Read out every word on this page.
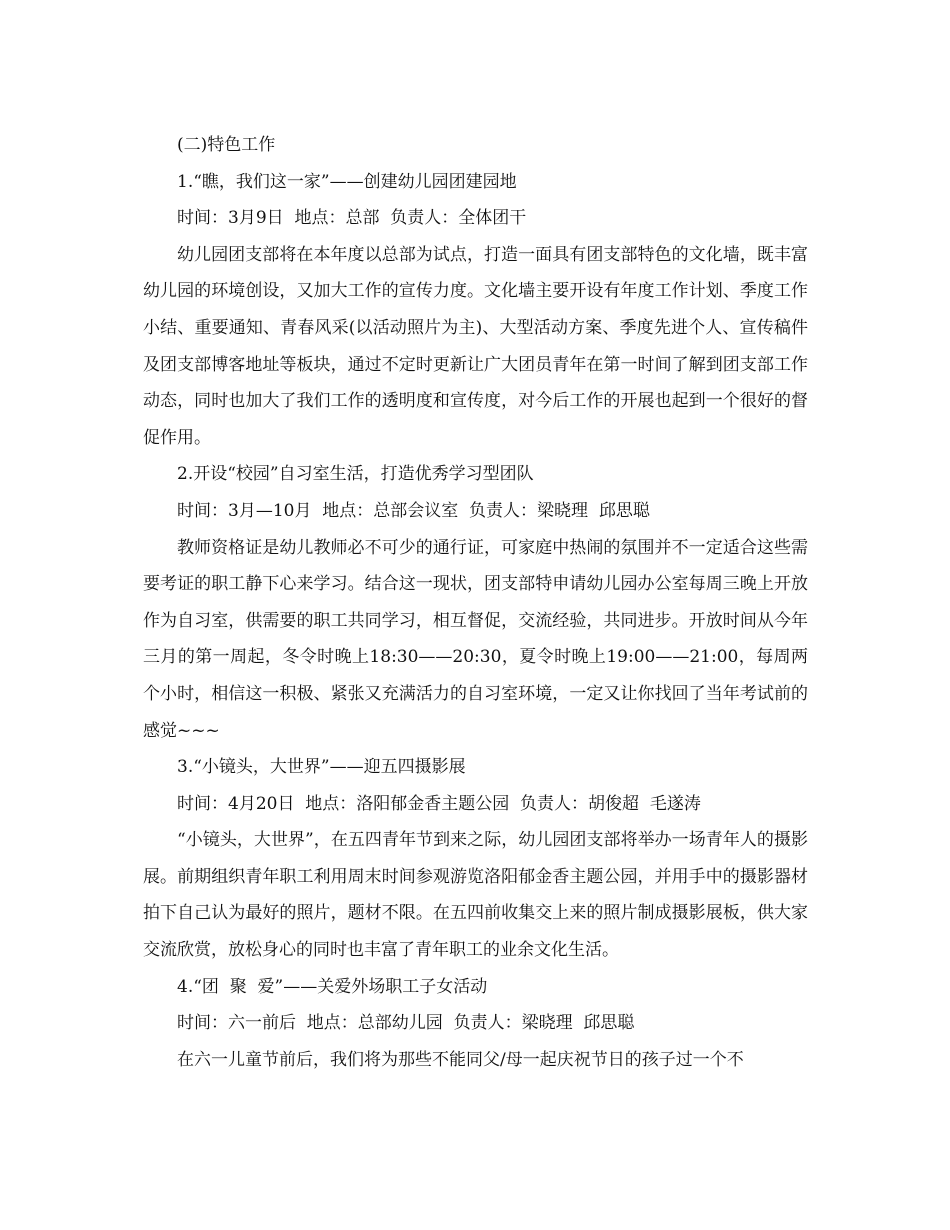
(二)特色工作

1.“瞧，我们这一家”——创建幼儿园团建园地

时间：3月9日  地点：总部  负责人：全体团干

幼儿园团支部将在本年度以总部为试点，打造一面具有团支部特色的文化墙，既丰富幼儿园的环境创设，又加大工作的宣传力度。文化墙主要开设有年度工作计划、季度工作小结、重要通知、青春风采(以活动照片为主)、大型活动方案、季度先进个人、宣传稿件及团支部博客地址等板块，通过不定时更新让广大团员青年在第一时间了解到团支部工作动态，同时也加大了我们工作的透明度和宣传度，对今后工作的开展也起到一个很好的督促作用。

2.开设“校园”自习室生活，打造优秀学习型团队

时间：3月—10月  地点：总部会议室  负责人：梁晓理  邱思聪

教师资格证是幼儿教师必不可少的通行证，可家庭中热闹的氛围并不一定适合这些需要考证的职工静下心来学习。结合这一现状，团支部特申请幼儿园办公室每周三晚上开放作为自习室，供需要的职工共同学习，相互督促，交流经验，共同进步。开放时间从今年三月的第一周起，冬令时晚上18:30——20:30，夏令时晚上19:00——21:00，每周两个小时，相信这一积极、紧张又充满活力的自习室环境，一定又让你找回了当年考试前的感觉~~~

3.“小镜头，大世界”——迎五四摄影展

时间：4月20日  地点：洛阳郁金香主题公园  负责人：胡俊超  毛遂涛

“小镜头，大世界”，在五四青年节到来之际，幼儿园团支部将举办一场青年人的摄影展。前期组织青年职工利用周末时间参观游览洛阳郁金香主题公园，并用手中的摄影器材拍下自己认为最好的照片，题材不限。在五四前收集交上来的照片制成摄影展板，供大家交流欣赏，放松身心的同时也丰富了青年职工的业余文化生活。

4.“团  聚  爱”——关爱外场职工子女活动

时间：六一前后  地点：总部幼儿园  负责人：梁晓理  邱思聪

在六一儿童节前后，我们将为那些不能同父/母一起庆祝节日的孩子过一个不
